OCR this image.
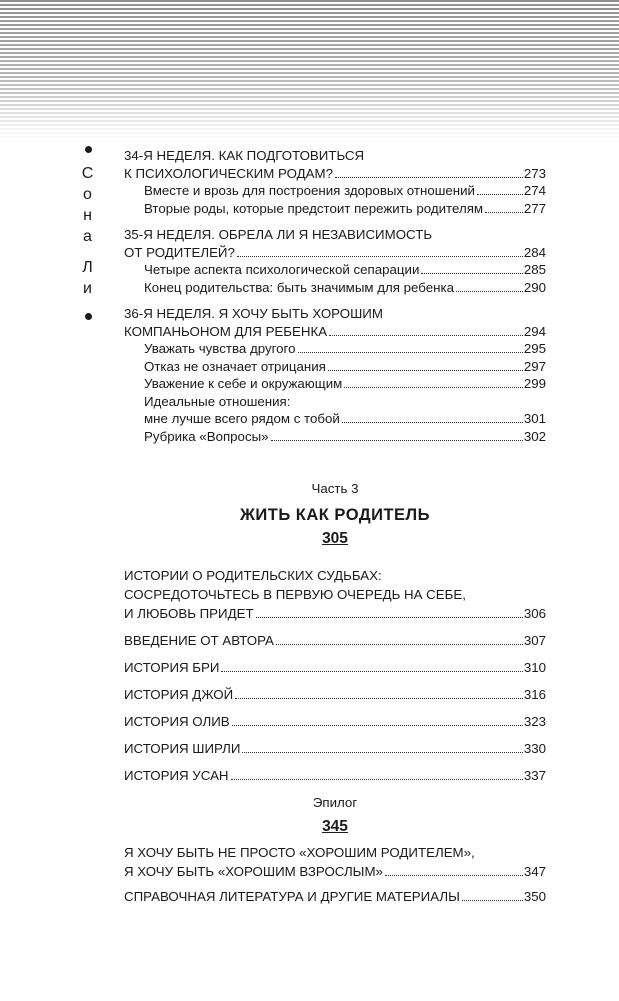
С
о
н
а
Л
и
34-Я НЕДЕЛЯ. КАК ПОДГОТОВИТЬСЯ
К ПСИХОЛОГИЧЕСКИМ РОДАМ?	273
Вместе и врозь для построения здоровых отношений	274
Вторые роды, которые предстоит пережить родителям	277
35-Я НЕДЕЛЯ. ОБРЕЛА ЛИ Я НЕЗАВИСИМОСТЬ
ОТ РОДИТЕЛЕЙ?	284
Четыре аспекта психологической сепарации	285
Конец родительства: быть значимым для ребенка	290
36-Я НЕДЕЛЯ. Я ХОЧУ БЫТЬ ХОРОШИМ
КОМПАНЬОНОМ ДЛЯ РЕБЕНКА	294
Уважать чувства другого	295
Отказ не означает отрицания	297
Уважение к себе и окружающим	299
Идеальные отношения:
мне лучше всего рядом с тобой	301
Рубрика «Вопросы»	302
Часть 3
ЖИТЬ КАК РОДИТЕЛЬ
305
ИСТОРИИ О РОДИТЕЛЬСКИХ СУДЬБАХ:
СОСРЕДОТОЧЬТЕСЬ В ПЕРВУЮ ОЧЕРЕДЬ НА СЕБЕ,
И ЛЮБОВЬ ПРИДЕТ	306
ВВЕДЕНИЕ ОТ АВТОРА	307
ИСТОРИЯ БРИ	310
ИСТОРИЯ ДЖОЙ	316
ИСТОРИЯ ОЛИВ	323
ИСТОРИЯ ШИРЛИ	330
ИСТОРИЯ УСАН	337
Эпилог
345
Я ХОЧУ БЫТЬ НЕ ПРОСТО «ХОРОШИМ РОДИТЕЛЕМ»,
Я ХОЧУ БЫТЬ «ХОРОШИМ ВЗРОСЛЫМ»	347
СПРАВОЧНАЯ ЛИТЕРАТУРА И ДРУГИЕ МАТЕРИАЛЫ	350
